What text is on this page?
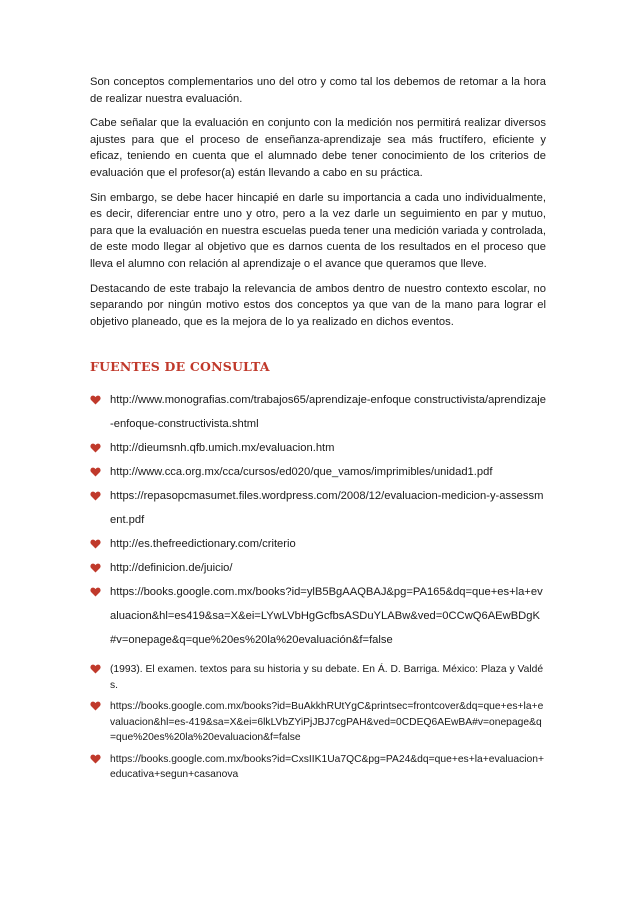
Son conceptos complementarios uno del otro y como tal los debemos de retomar a la hora de realizar nuestra evaluación.

Cabe señalar que la evaluación en conjunto con la medición nos permitirá realizar diversos ajustes para que el proceso de enseñanza-aprendizaje sea más fructífero, eficiente y eficaz, teniendo en cuenta que el alumnado debe tener conocimiento de los criterios de evaluación que el profesor(a) están llevando a cabo en su práctica.

Sin embargo, se debe hacer hincapié en darle su importancia a cada uno individualmente, es decir, diferenciar entre uno y otro, pero a la vez darle un seguimiento en par y mutuo, para que la evaluación en nuestra escuelas pueda tener una medición variada y controlada, de este modo llegar al objetivo que es darnos cuenta de los resultados en el proceso que lleva el alumno con relación al aprendizaje o el avance que queramos que lleve.

Destacando de este trabajo la relevancia de ambos dentro de nuestro contexto escolar, no separando por ningún motivo estos dos conceptos ya que van de la mano para lograr el objetivo planeado, que es la mejora de lo ya realizado en dichos eventos.

FUENTES DE CONSULTA
http://www.monografias.com/trabajos65/aprendizaje-enfoque constructivista/aprendizaje-enfoque-constructivista.shtml
http://dieumsnh.qfb.umich.mx/evaluacion.htm
http://www.cca.org.mx/cca/cursos/ed020/que_vamos/imprimibles/unidad1.pdf
https://repasopcmasumet.files.wordpress.com/2008/12/evaluacion-medicion-y-assessment.pdf
http://es.thefreedictionary.com/criterio
http://definicion.de/juicio/
https://books.google.com.mx/books?id=ylB5BgAAQBAJ&pg=PA165&dq=que+es+la+evaluacion&hl=es419&sa=X&ei=LYwLVbHgGcfbsASDuYLABw&ved=0CCwQ6AEwBDgK#v=onepage&q=que%20es%20la%20evaluación&f=false
(1993). El examen. textos para su historia y su debate. En Á. D. Barriga. México: Plaza y Valdés.
https://books.google.com.mx/books?id=BuAkkhRUtYgC&printsec=frontcover&dq=que+es+la+evaluacion&hl=es-419&sa=X&ei=6lkLVbZYiPjJBJ7cgPAH&ved=0CDEQ6AEwBA#v=onepage&q=que%20es%20la%20evaluacion&f=false
https://books.google.com.mx/books?id=CxsIIK1Ua7QC&pg=PA24&dq=que+es+la+evaluacion+educativa+segun+casanova
